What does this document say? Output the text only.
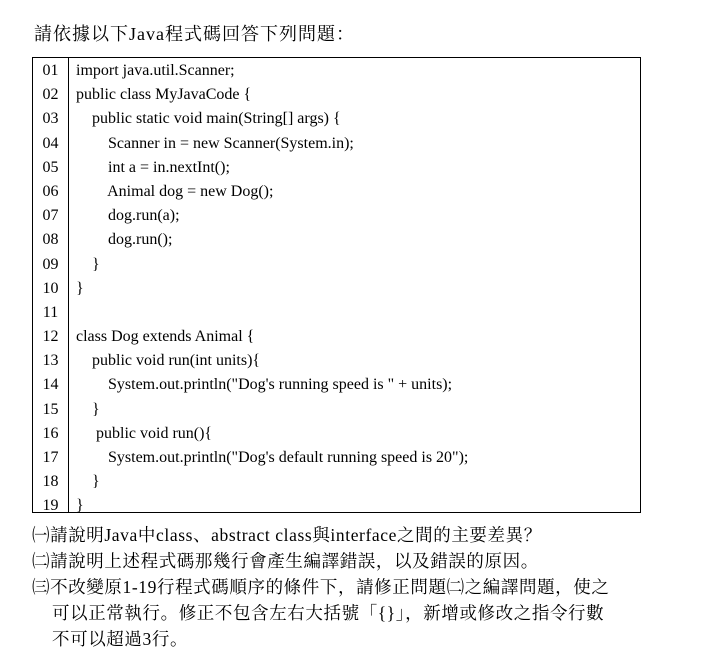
請依據以下Java程式碼回答下列問題：
01
02
03
04
05
06
07
08
09
10
11
12
13
14
15
16
17
18
19
import java.util.Scanner;
public class MyJavaCode {
public static void main(String[] args) {
Scanner in = new Scanner(System.in);
int a = in.nextInt();
Animal dog = new Dog();
dog.run(a);
dog.run();
}
}
class Dog extends Animal {
public void run(int units){
System.out.println("Dog's running speed is " + units);
}
public void run(){
System.out.println("Dog's default running speed is 20");
}
}
㈠請說明Java中class、abstract class與interface之間的主要差異？
㈡請說明上述程式碼那幾行會產生編譯錯誤，以及錯誤的原因。
㈢不改變原1-19行程式碼順序的條件下，請修正問題㈡之編譯問題，使之
可以正常執行。修正不包含左右大括號「{}」，新增或修改之指令行數
不可以超過3行。
